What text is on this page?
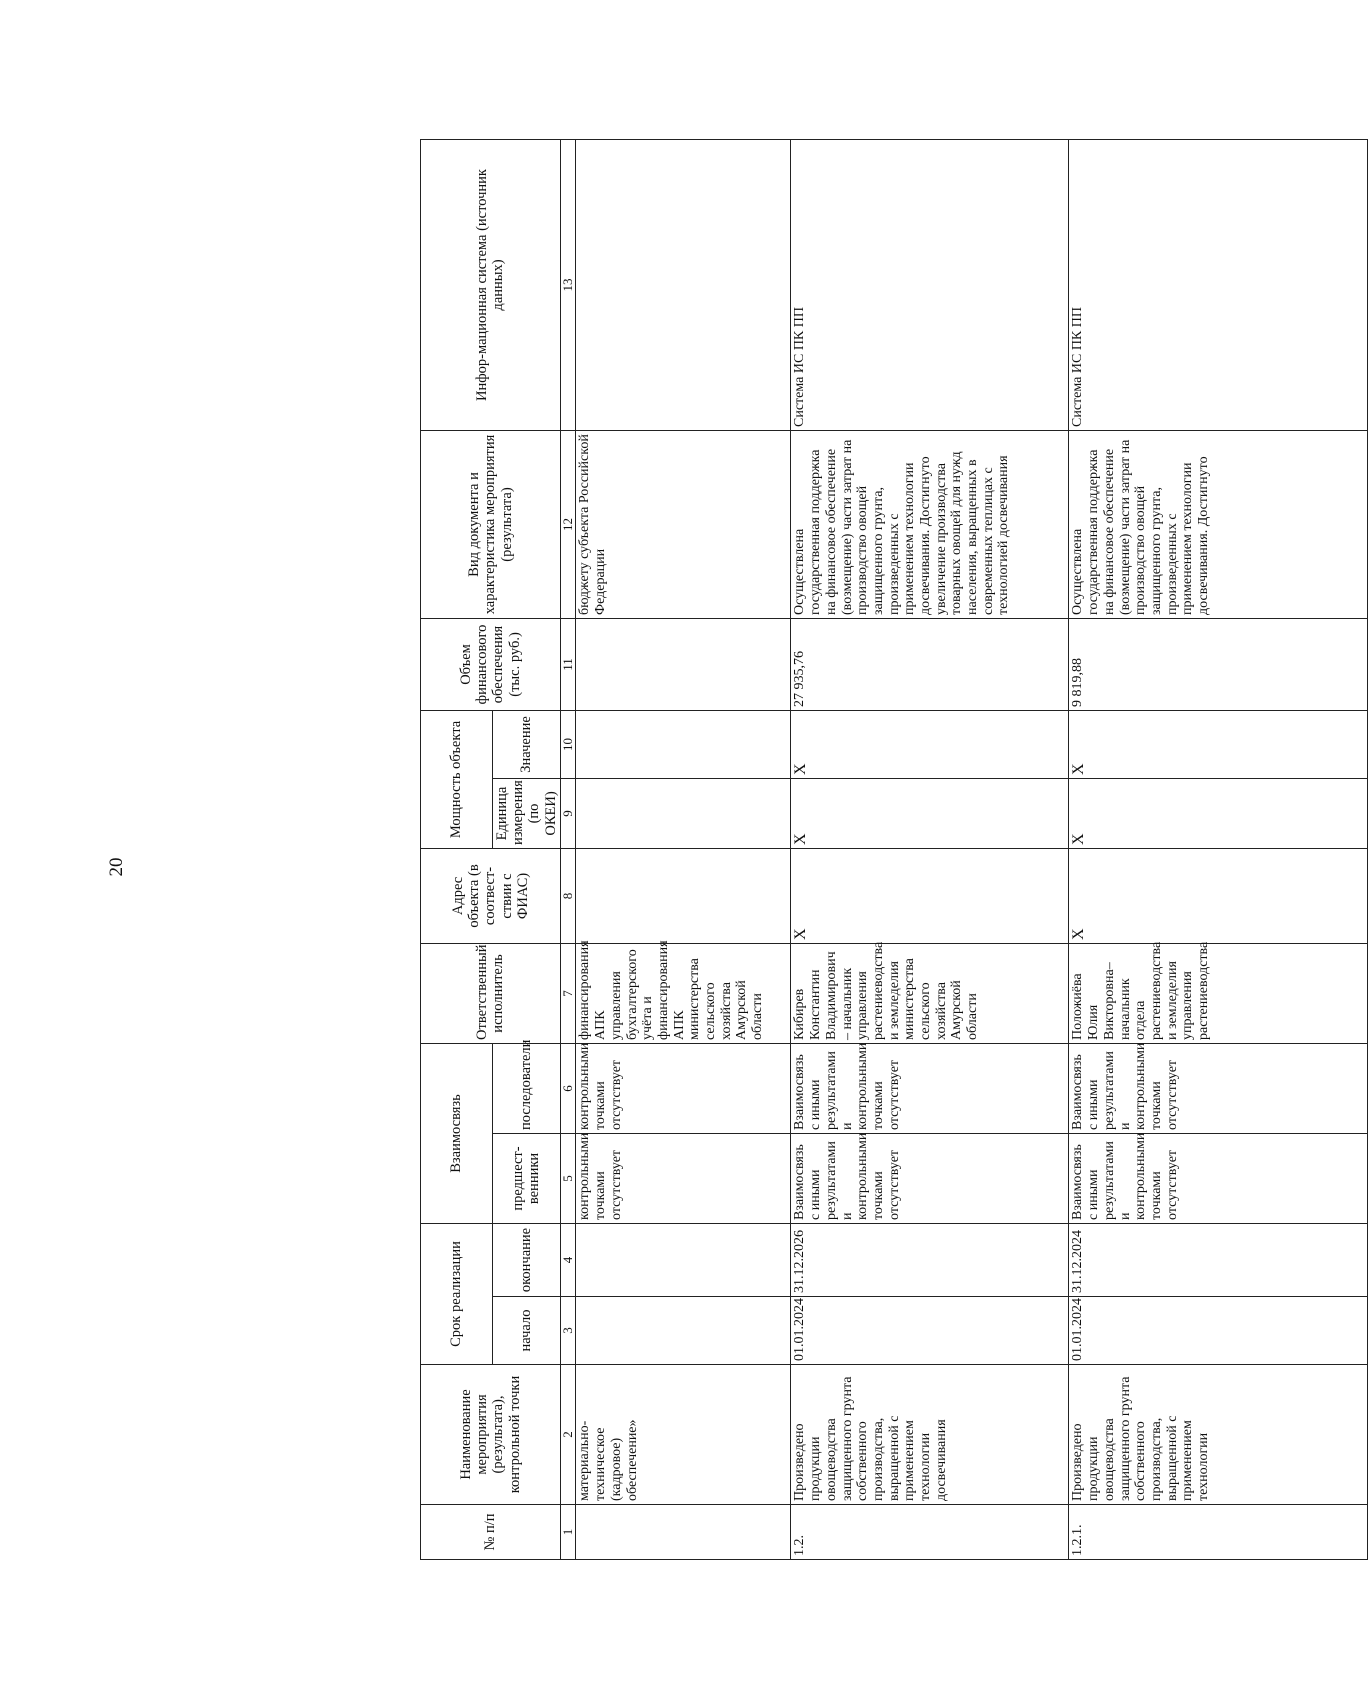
20
№ п/п	Наименование мероприятия (результата), контрольной точки	Срок реализации		Взаимосвязь		Ответственный исполнитель	Адрес объекта (в соотвест-ствии с ФИАС)	Мощность объекта		Объем финансового обеспечения (тыс. руб.)	Вид документа и характеристика мероприятия (результата)	Инфор-мационная система (источник данных)
		начало	окончание	предшест-венники	последователи			Единица измерения (по ОКЕИ)	Значение			
1	2	3	4	5	6	7	8	9	10	11	12	13
	материально-техническое (кадровое) обеспечение»			контрольными точками отсутствует	контрольными точками отсутствует	финансирования АПК управления бухгалтерского учёта и финансирования АПК министерства сельского хозяйства Амурской области					бюджету субъекта Российской Федерации	
1.2.	Произведено продукции овощеводства защищенного грунта собственного производства, выращенной с применением технологии досвечивания	01.01.2024	31.12.2026	Взаимосвязь с иными результатами и контрольными точками отсутствует	Взаимосвязь с иными результатами и контрольными точками отсутствует	Кибирев Константин Владимирович – начальник управления растениеводства и земледелия министерства сельского хозяйства Амурской области	Х	Х	Х	27 935,76	Осуществлена государственная поддержка на финансовое обеспечение (возмещение) части затрат на производство овощей защищенного грунта, произведенных с применением технологии досвечивания. Достигнуто увеличение производства товарных овощей для нужд населения, выращенных в современных теплицах с технологией досвечивания	Система ИС ПК ПП
1.2.1.	Произведено продукции овощеводства защищенного грунта собственного производства, выращенной с применением технологии	01.01.2024	31.12.2024	Взаимосвязь с иными результатами и контрольными точками отсутствует	Взаимосвязь с иными результатами и контрольными точками отсутствует	Положиёва Юлия Викторовна– начальник отдела растениеводства и земледелия управления растениеводства	Х	Х	Х	9 819,88	Осуществлена государственная поддержка на финансовое обеспечение (возмещение) части затрат на производство овощей защищенного грунта, произведенных с применением технологии досвечивания. Достигнуто	Система ИС ПК ПП
